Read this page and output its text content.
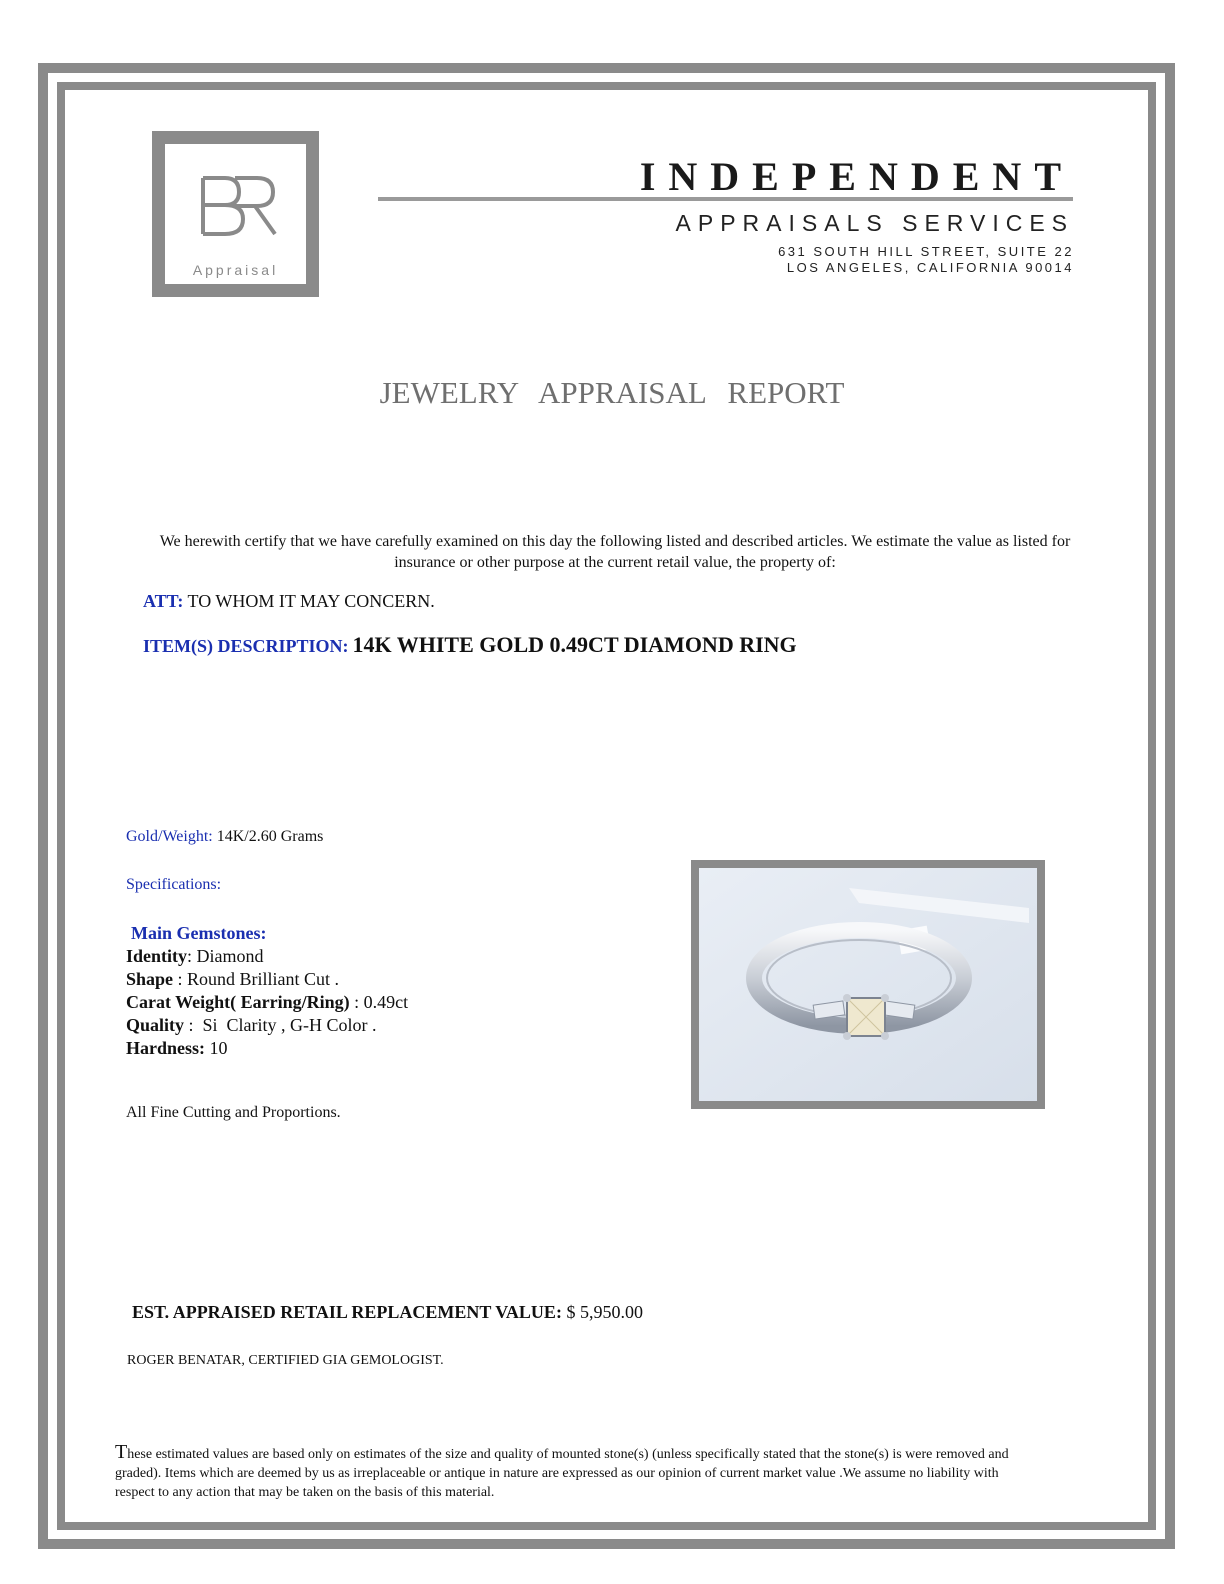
Appraisal
INDEPENDENT
APPRAISALS SERVICES
631 SOUTH HILL STREET, SUITE 22
LOS ANGELES, CALIFORNIA 90014
JEWELRY APPRAISAL REPORT
We herewith certify that we have carefully examined on this day the following listed and described articles. We estimate the value as listed for insurance or other purpose at the current retail value, the property of:
ATT: TO WHOM IT MAY CONCERN.
ITEM(S) DESCRIPTION: 14K WHITE GOLD 0.49CT DIAMOND RING
Gold/Weight: 14K/2.60 Grams
Specifications:
Main Gemstones:
Identity: Diamond
Shape : Round Brilliant Cut .
Carat Weight( Earring/Ring) : 0.49ct
Quality :  Si  Clarity , G-H Color .
Hardness: 10
All Fine Cutting and Proportions.
EST. APPRAISED RETAIL REPLACEMENT VALUE: $ 5,950.00
ROGER BENATAR, CERTIFIED GIA GEMOLOGIST.
These estimated values are based only on estimates of the size and quality of mounted stone(s) (unless specifically stated that the stone(s) is were removed and graded). Items which are deemed by us as irreplaceable or antique in nature are expressed as our opinion of current market value .We assume no liability with respect to any action that may be taken on the basis of this material.
